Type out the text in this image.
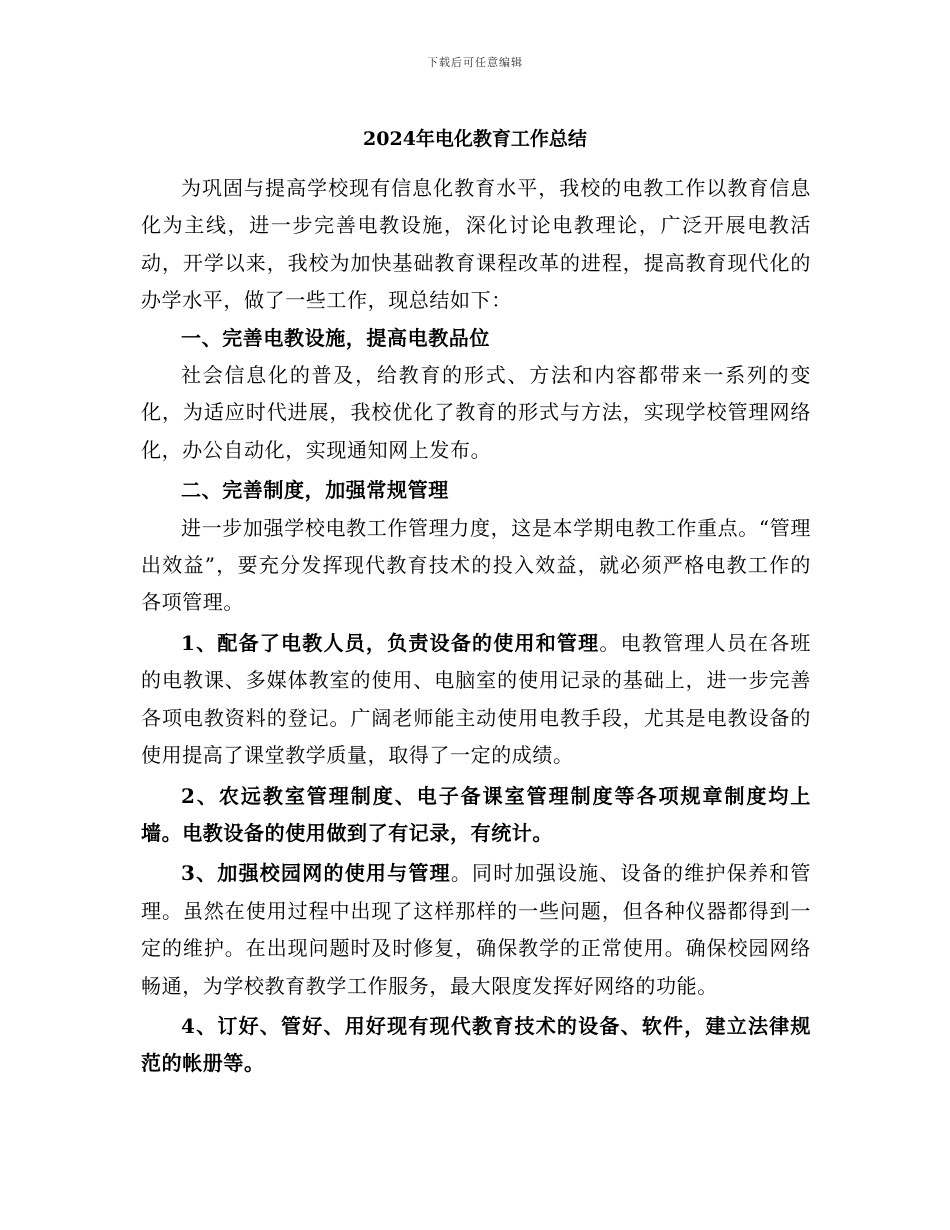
下载后可任意编辑
2024年电化教育工作总结

为巩固与提高学校现有信息化教育水平，我校的电教工作以教育信息化为主线，进一步完善电教设施，深化讨论电教理论，广泛开展电教活动，开学以来，我校为加快基础教育课程改革的进程，提高教育现代化的办学水平，做了一些工作，现总结如下：

一、完善电教设施，提高电教品位

社会信息化的普及，给教育的形式、方法和内容都带来一系列的变化，为适应时代进展，我校优化了教育的形式与方法，实现学校管理网络化，办公自动化，实现通知网上发布。

二、完善制度，加强常规管理

进一步加强学校电教工作管理力度，这是本学期电教工作重点。“管理出效益”，要充分发挥现代教育技术的投入效益，就必须严格电教工作的各项管理。

1、配备了电教人员，负责设备的使用和管理。电教管理人员在各班的电教课、多媒体教室的使用、电脑室的使用记录的基础上，进一步完善各项电教资料的登记。广阔老师能主动使用电教手段，尤其是电教设备的使用提高了课堂教学质量，取得了一定的成绩。

2、农远教室管理制度、电子备课室管理制度等各项规章制度均上墙。电教设备的使用做到了有记录，有统计。

3、加强校园网的使用与管理。同时加强设施、设备的维护保养和管理。虽然在使用过程中出现了这样那样的一些问题，但各种仪器都得到一定的维护。在出现问题时及时修复，确保教学的正常使用。确保校园网络畅通，为学校教育教学工作服务，最大限度发挥好网络的功能。

4、订好、管好、用好现有现代教育技术的设备、软件，建立法律规范的帐册等。
